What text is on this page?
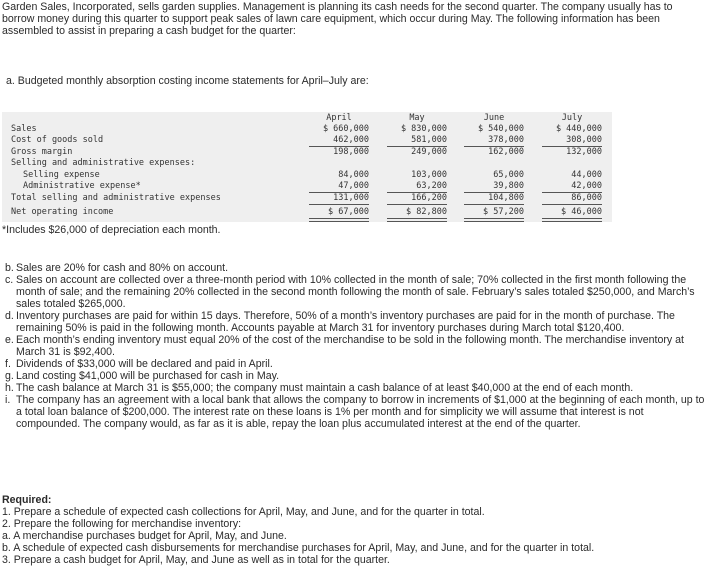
Garden Sales, Incorporated, sells garden supplies. Management is planning its cash needs for the second quarter. The company usually has to borrow money during this quarter to support peak sales of lawn care equipment, which occur during May. The following information has been assembled to assist in preparing a cash budget for the quarter:
a. Budgeted monthly absorption costing income statements for April–July are:
April	May	June	July
Sales	$ 660,000	$ 830,000	$ 540,000	$ 440,000
Cost of goods sold	462,000	581,000	378,000	308,000
Gross margin	198,000	249,000	162,000	132,000
Selling and administrative expenses:
Selling expense	84,000	103,000	65,000	44,000
Administrative expense*	47,000	63,200	39,800	42,000
Total selling and administrative expenses	131,000	166,200	104,800	86,000
Net operating income	$ 67,000	$ 82,800	$ 57,200	$ 46,000
*Includes $26,000 of depreciation each month.

b. Sales are 20% for cash and 80% on account.

c. Sales on account are collected over a three-month period with 10% collected in the month of sale; 70% collected in the first month following the month of sale; and the remaining 20% collected in the second month following the month of sale. February’s sales totaled $250,000, and March’s sales totaled $265,000.

d. Inventory purchases are paid for within 15 days. Therefore, 50% of a month’s inventory purchases are paid for in the month of purchase. The remaining 50% is paid in the following month. Accounts payable at March 31 for inventory purchases during March total $120,400.

e. Each month’s ending inventory must equal 20% of the cost of the merchandise to be sold in the following month. The merchandise inventory at March 31 is $92,400.

f. Dividends of $33,000 will be declared and paid in April.

g. Land costing $41,000 will be purchased for cash in May.

h. The cash balance at March 31 is $55,000; the company must maintain a cash balance of at least $40,000 at the end of each month.

i. The company has an agreement with a local bank that allows the company to borrow in increments of $1,000 at the beginning of each month, up to a total loan balance of $200,000. The interest rate on these loans is 1% per month and for simplicity we will assume that interest is not compounded. The company would, as far as it is able, repay the loan plus accumulated interest at the end of the quarter.

Required:

1. Prepare a schedule of expected cash collections for April, May, and June, and for the quarter in total.

2. Prepare the following for merchandise inventory:

a. A merchandise purchases budget for April, May, and June.

b. A schedule of expected cash disbursements for merchandise purchases for April, May, and June, and for the quarter in total.

3. Prepare a cash budget for April, May, and June as well as in total for the quarter.
